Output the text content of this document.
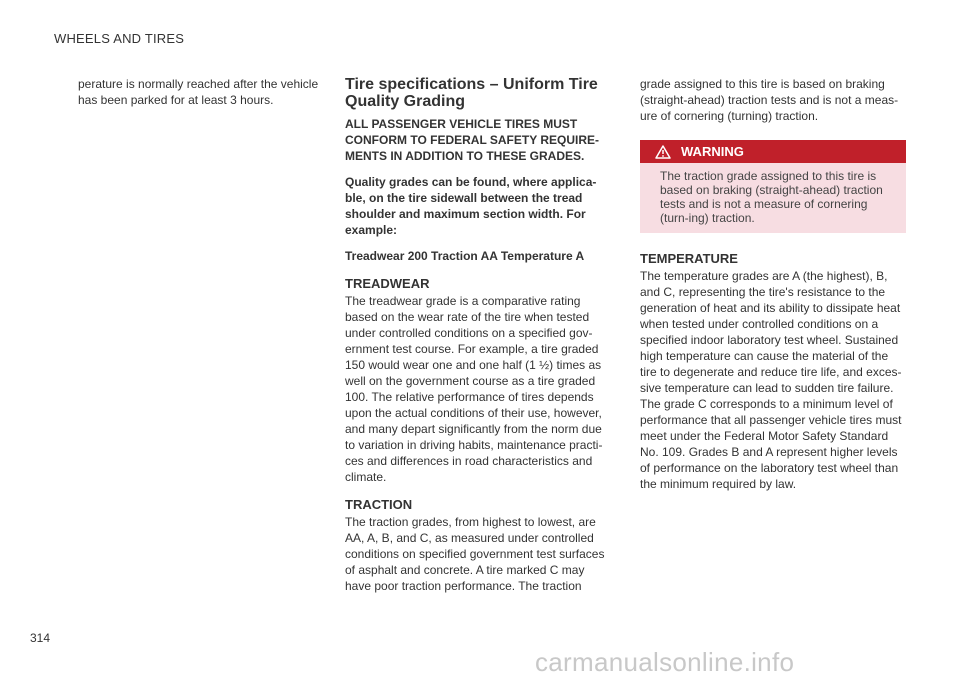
WHEELS AND TIRES

perature is normally reached after the vehicle has been parked for at least 3 hours.

Tire specifications – Uniform Tire Quality Grading

ALL PASSENGER VEHICLE TIRES MUST CONFORM TO FEDERAL SAFETY REQUIRE-MENTS IN ADDITION TO THESE GRADES.

Quality grades can be found, where applica-ble, on the tire sidewall between the tread shoulder and maximum section width. For example:

Treadwear 200 Traction AA Temperature A

TREADWEAR

The treadwear grade is a comparative rating based on the wear rate of the tire when tested under controlled conditions on a specified gov-ernment test course. For example, a tire graded 150 would wear one and one half (1 ½) times as well on the government course as a tire graded 100. The relative performance of tires depends upon the actual conditions of their use, however, and many depart significantly from the norm due to variation in driving habits, maintenance practi-ces and differences in road characteristics and climate.

TRACTION

The traction grades, from highest to lowest, are AA, A, B, and C, as measured under controlled conditions on specified government test surfaces of asphalt and concrete. A tire marked C may have poor traction performance. The traction

grade assigned to this tire is based on braking (straight-ahead) traction tests and is not a meas-ure of cornering (turning) traction.

WARNING
The traction grade assigned to this tire is based on braking (straight-ahead) traction tests and is not a measure of cornering (turn-ing) traction.
TEMPERATURE

The temperature grades are A (the highest), B, and C, representing the tire's resistance to the generation of heat and its ability to dissipate heat when tested under controlled conditions on a specified indoor laboratory test wheel. Sustained high temperature can cause the material of the tire to degenerate and reduce tire life, and exces-sive temperature can lead to sudden tire failure. The grade C corresponds to a minimum level of performance that all passenger vehicle tires must meet under the Federal Motor Safety Standard No. 109. Grades B and A represent higher levels of performance on the laboratory test wheel than the minimum required by law.

314
carmanualsonline.info
